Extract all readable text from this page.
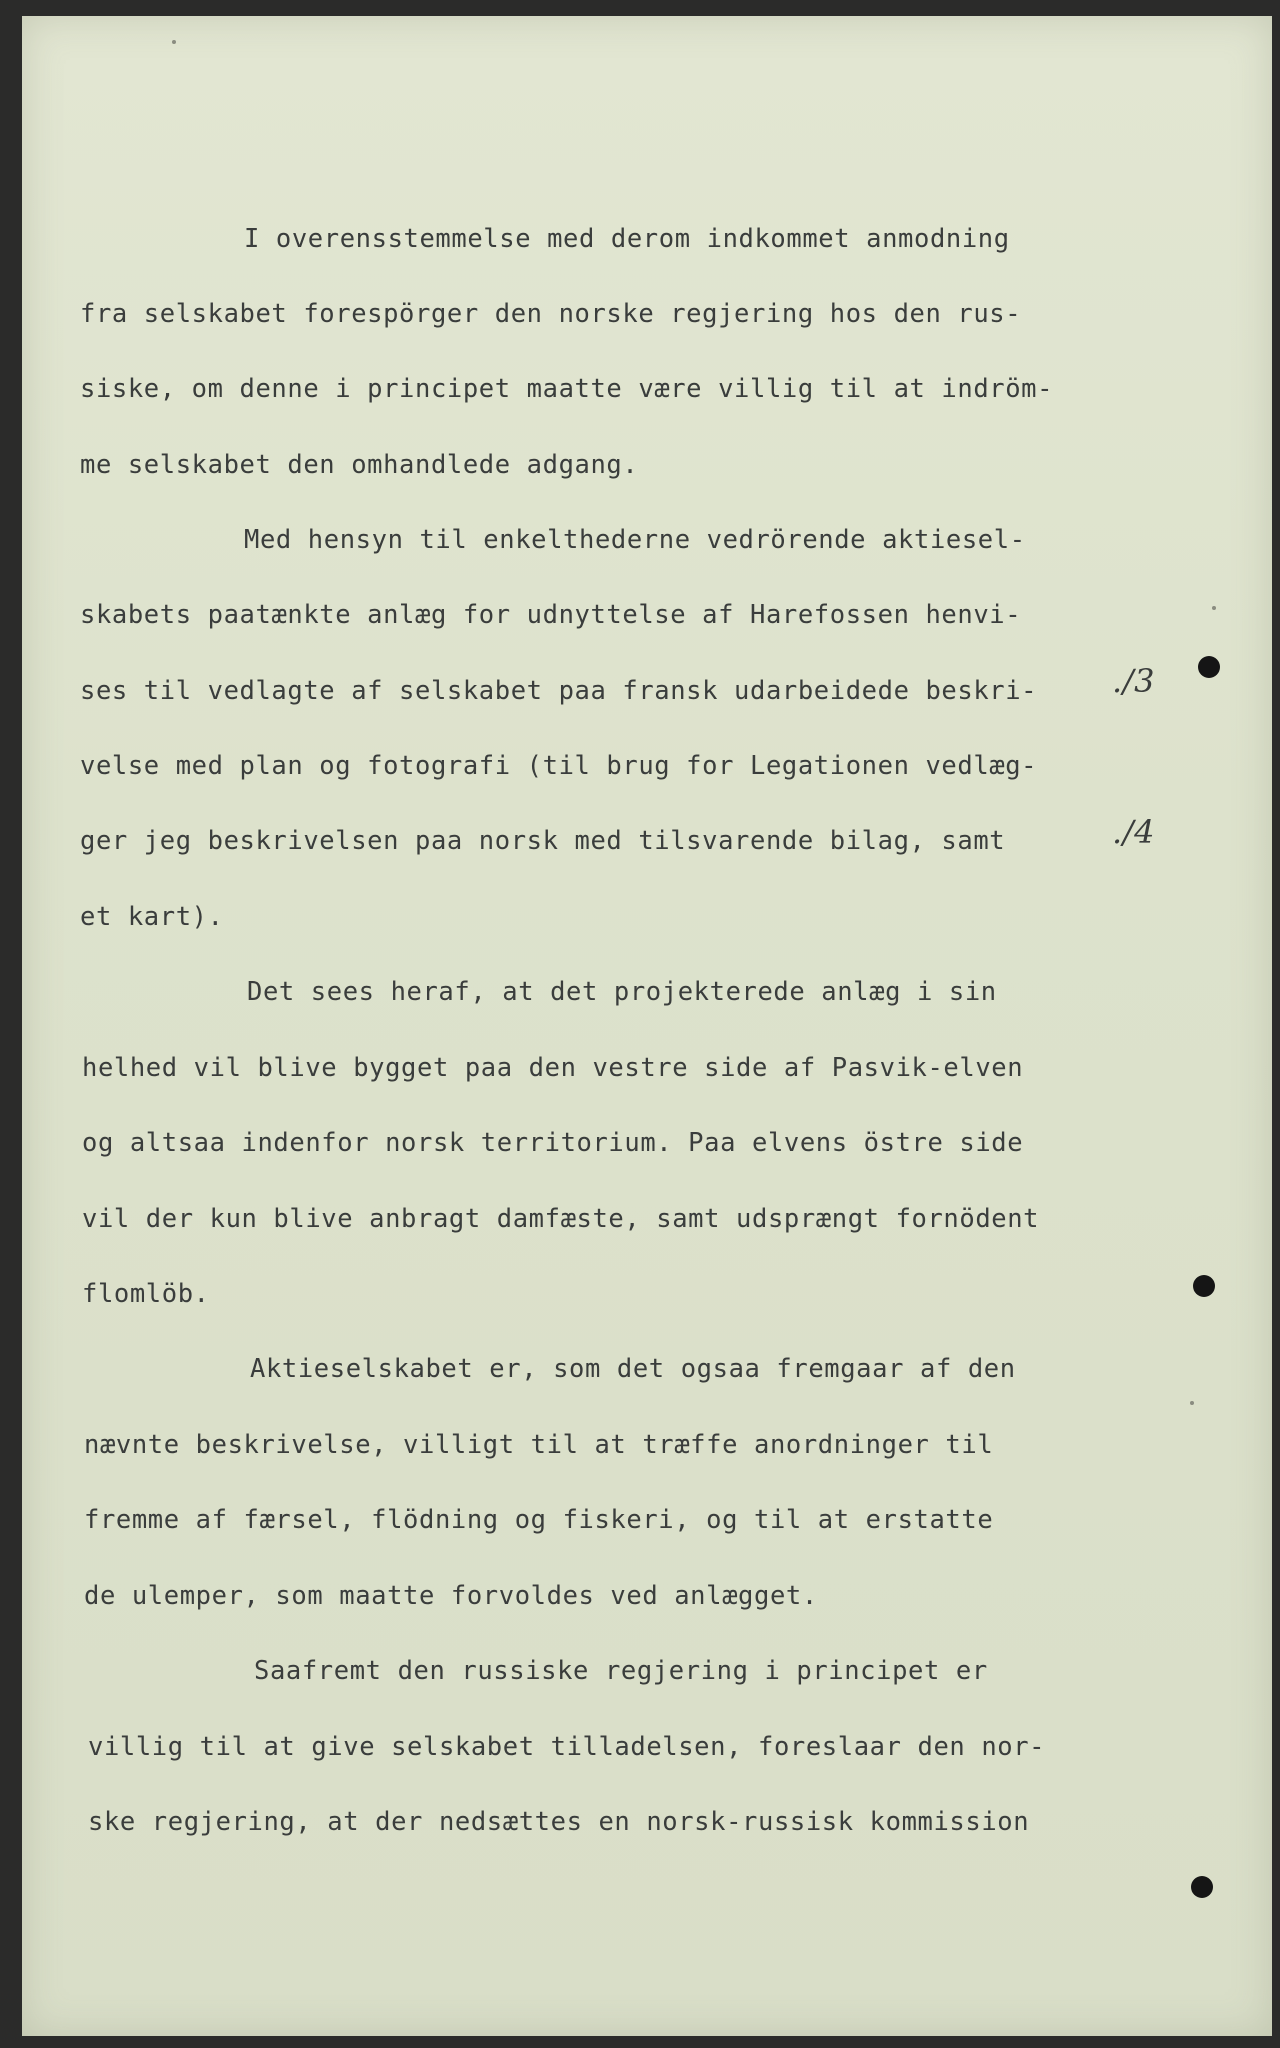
I overensstemmelse med derom indkommet anmodning
fra selskabet forespörger den norske regjering hos den rus-
siske, om denne i principet maatte være villig til at indröm-
me selskabet den omhandlede adgang.
Med hensyn til enkelthederne vedrörende aktiesel-
skabets paatænkte anlæg for udnyttelse af Harefossen henvi-
ses til vedlagte af selskabet paa fransk udarbeidede beskri-
velse med plan og fotografi (til brug for Legationen vedlæg-
ger jeg beskrivelsen paa norsk med tilsvarende bilag, samt
et kart).
Det sees heraf, at det projekterede anlæg i sin
helhed vil blive bygget paa den vestre side af Pasvik-elven
og altsaa indenfor norsk territorium. Paa elvens östre side
vil der kun blive anbragt damfæste, samt udsprængt fornödent
flomlöb.
Aktieselskabet er, som det ogsaa fremgaar af den
nævnte beskrivelse, villigt til at træffe anordninger til
fremme af færsel, flödning og fiskeri, og til at erstatte
de ulemper, som maatte forvoldes ved anlægget.
Saafremt den russiske regjering i principet er
villig til at give selskabet tilladelsen, foreslaar den nor-
ske regjering, at der nedsættes en norsk-russisk kommission
./3
./4
